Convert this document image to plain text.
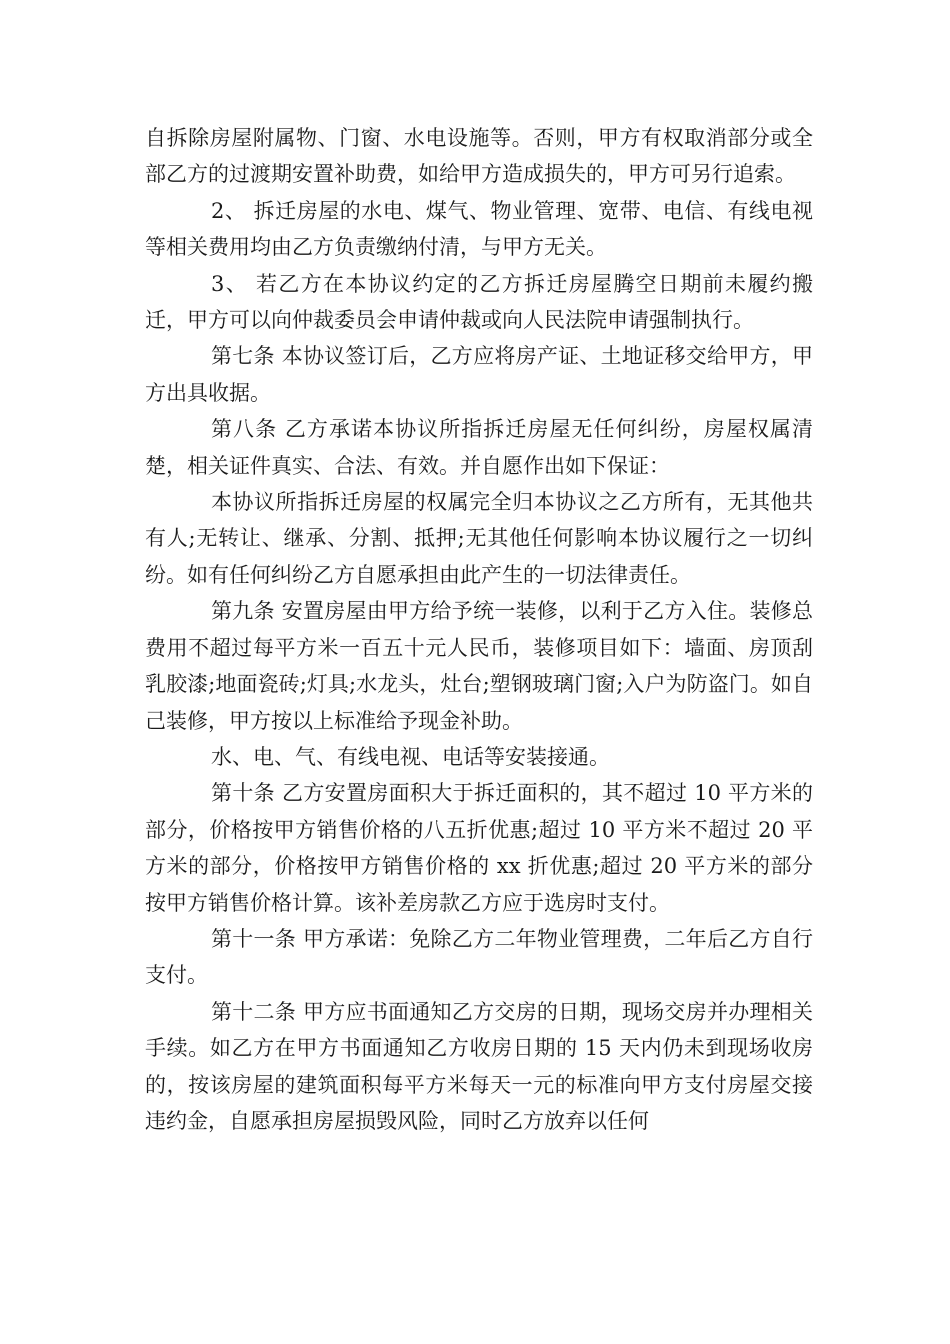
自拆除房屋附属物、门窗、水电设施等。否则，甲方有权取消部分或全部乙方的过渡期安置补助费，如给甲方造成损失的，甲方可另行追索。

2、 拆迁房屋的水电、煤气、物业管理、宽带、电信、有线电视等相关费用均由乙方负责缴纳付清，与甲方无关。

3、 若乙方在本协议约定的乙方拆迁房屋腾空日期前未履约搬迁，甲方可以向仲裁委员会申请仲裁或向人民法院申请强制执行。

第七条 本协议签订后，乙方应将房产证、土地证移交给甲方，甲方出具收据。

第八条 乙方承诺本协议所指拆迁房屋无任何纠纷，房屋权属清楚，相关证件真实、合法、有效。并自愿作出如下保证：

本协议所指拆迁房屋的权属完全归本协议之乙方所有，无其他共有人;无转让、继承、分割、抵押;无其他任何影响本协议履行之一切纠纷。如有任何纠纷乙方自愿承担由此产生的一切法律责任。

第九条 安置房屋由甲方给予统一装修，以利于乙方入住。装修总费用不超过每平方米一百五十元人民币，装修项目如下：墙面、房顶刮乳胶漆;地面瓷砖;灯具;水龙头，灶台;塑钢玻璃门窗;入户为防盗门。如自己装修，甲方按以上标准给予现金补助。

水、电、气、有线电视、电话等安装接通。

第十条 乙方安置房面积大于拆迁面积的，其不超过 10 平方米的部分，价格按甲方销售价格的八五折优惠;超过 10 平方米不超过 20 平方米的部分，价格按甲方销售价格的 xx 折优惠;超过 20 平方米的部分按甲方销售价格计算。该补差房款乙方应于选房时支付。

第十一条 甲方承诺：免除乙方二年物业管理费，二年后乙方自行支付。

第十二条 甲方应书面通知乙方交房的日期，现场交房并办理相关手续。如乙方在甲方书面通知乙方收房日期的 15 天内仍未到现场收房的，按该房屋的建筑面积每平方米每天一元的标准向甲方支付房屋交接违约金，自愿承担房屋损毁风险，同时乙方放弃以任何
